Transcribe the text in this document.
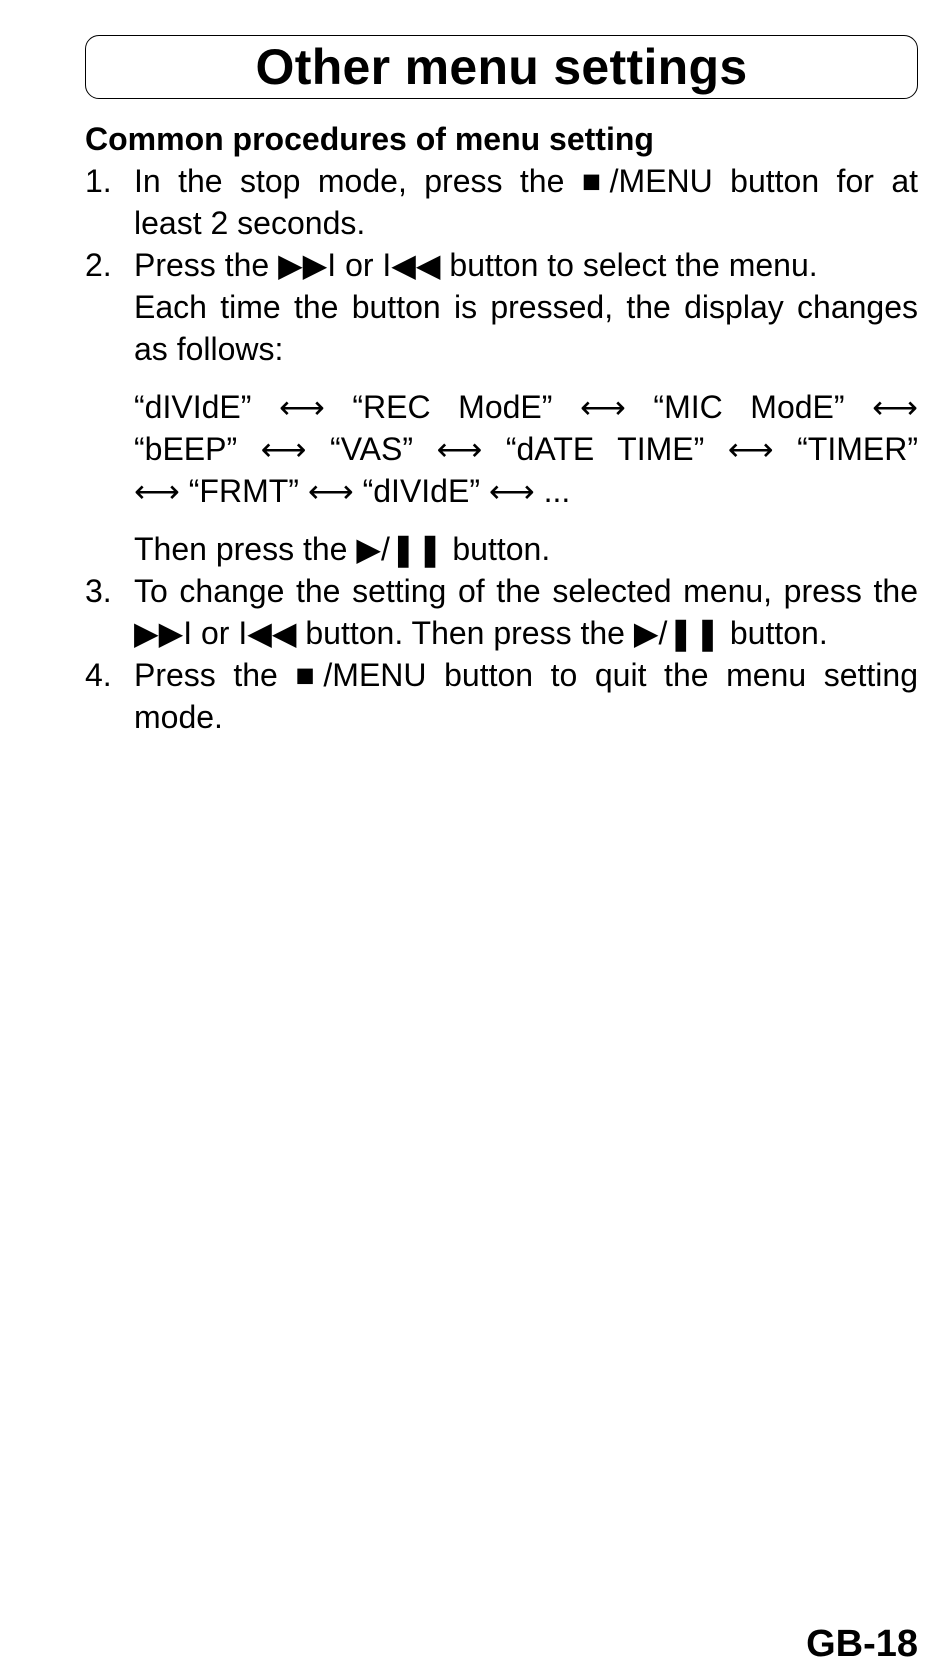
Other menu settings

Common procedures of menu setting

1. In the stop mode, press the ■/MENU button for at
least 2 seconds.
2. Press the ▶▶I or I◀◀ button to select the menu.
Each time the button is pressed, the display changes
as follows:
“dIVIdE” ⟷ “REC ModE” ⟷ “MIC ModE” ⟷
“bEEP” ⟷ “VAS” ⟷ “dATE TIME” ⟷ “TIMER”
⟷ “FRMT” ⟷ “dIVIdE” ⟷ ...
Then press the ▶/❚❚ button.
3. To change the setting of the selected menu, press the
▶▶I or I◀◀ button. Then press the ▶/❚❚ button.
4. Press the ■/MENU button to quit the menu setting
mode.
GB-18
